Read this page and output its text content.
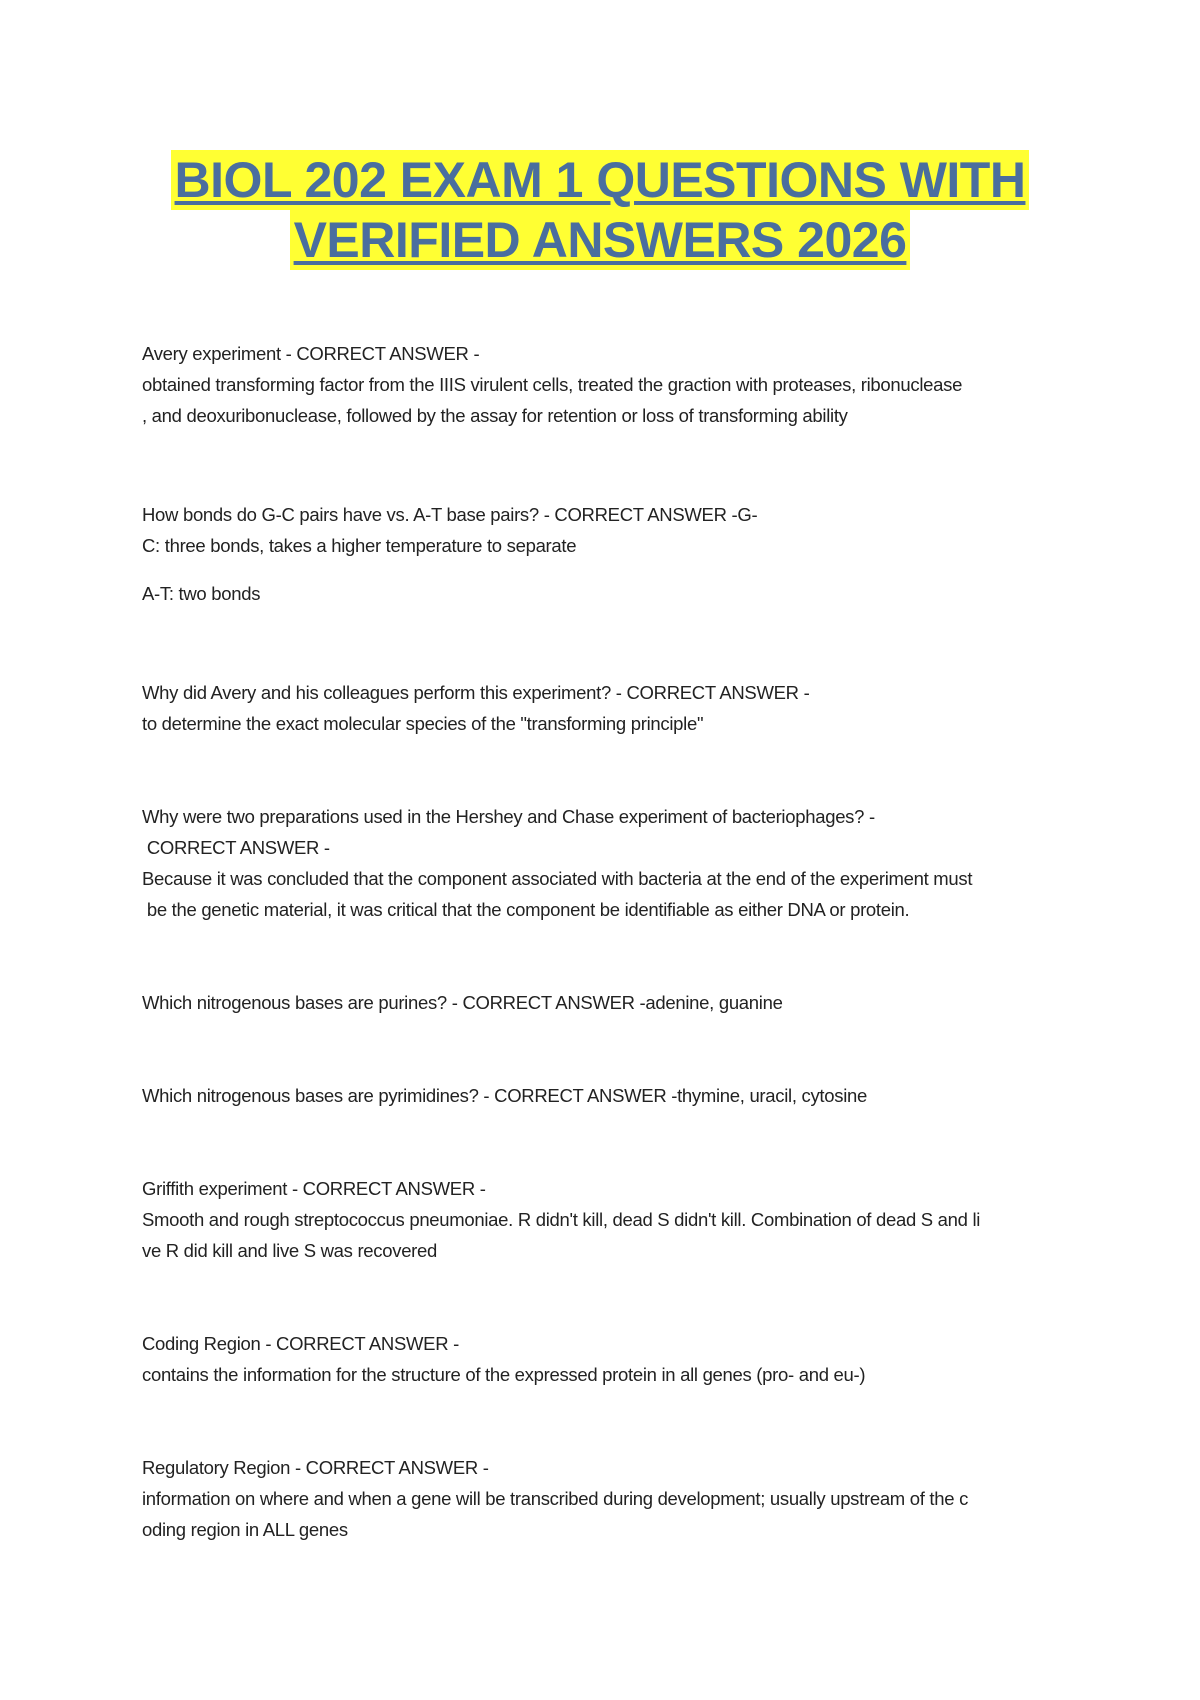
BIOL 202 EXAM 1 QUESTIONS WITH
VERIFIED ANSWERS 2026

Avery experiment - CORRECT ANSWER -

obtained transforming factor from the IIIS virulent cells, treated the graction with proteases, ribonuclease

, and deoxuribonuclease, followed by the assay for retention or loss of transforming ability

How bonds do G-C pairs have vs. A-T base pairs? - CORRECT ANSWER -G-

C: three bonds, takes a higher temperature to separate

A-T: two bonds

Why did Avery and his colleagues perform this experiment? - CORRECT ANSWER -

to determine the exact molecular species of the "transforming principle"

Why were two preparations used in the Hershey and Chase experiment of bacteriophages? -

CORRECT ANSWER -

Because it was concluded that the component associated with bacteria at the end of the experiment must

be the genetic material, it was critical that the component be identifiable as either DNA or protein.

Which nitrogenous bases are purines? - CORRECT ANSWER -adenine, guanine

Which nitrogenous bases are pyrimidines? - CORRECT ANSWER -thymine, uracil, cytosine

Griffith experiment - CORRECT ANSWER -

Smooth and rough streptococcus pneumoniae. R didn't kill, dead S didn't kill. Combination of dead S and li

ve R did kill and live S was recovered

Coding Region - CORRECT ANSWER -

contains the information for the structure of the expressed protein in all genes (pro- and eu-)

Regulatory Region - CORRECT ANSWER -

information on where and when a gene will be transcribed during development; usually upstream of the c

oding region in ALL genes
